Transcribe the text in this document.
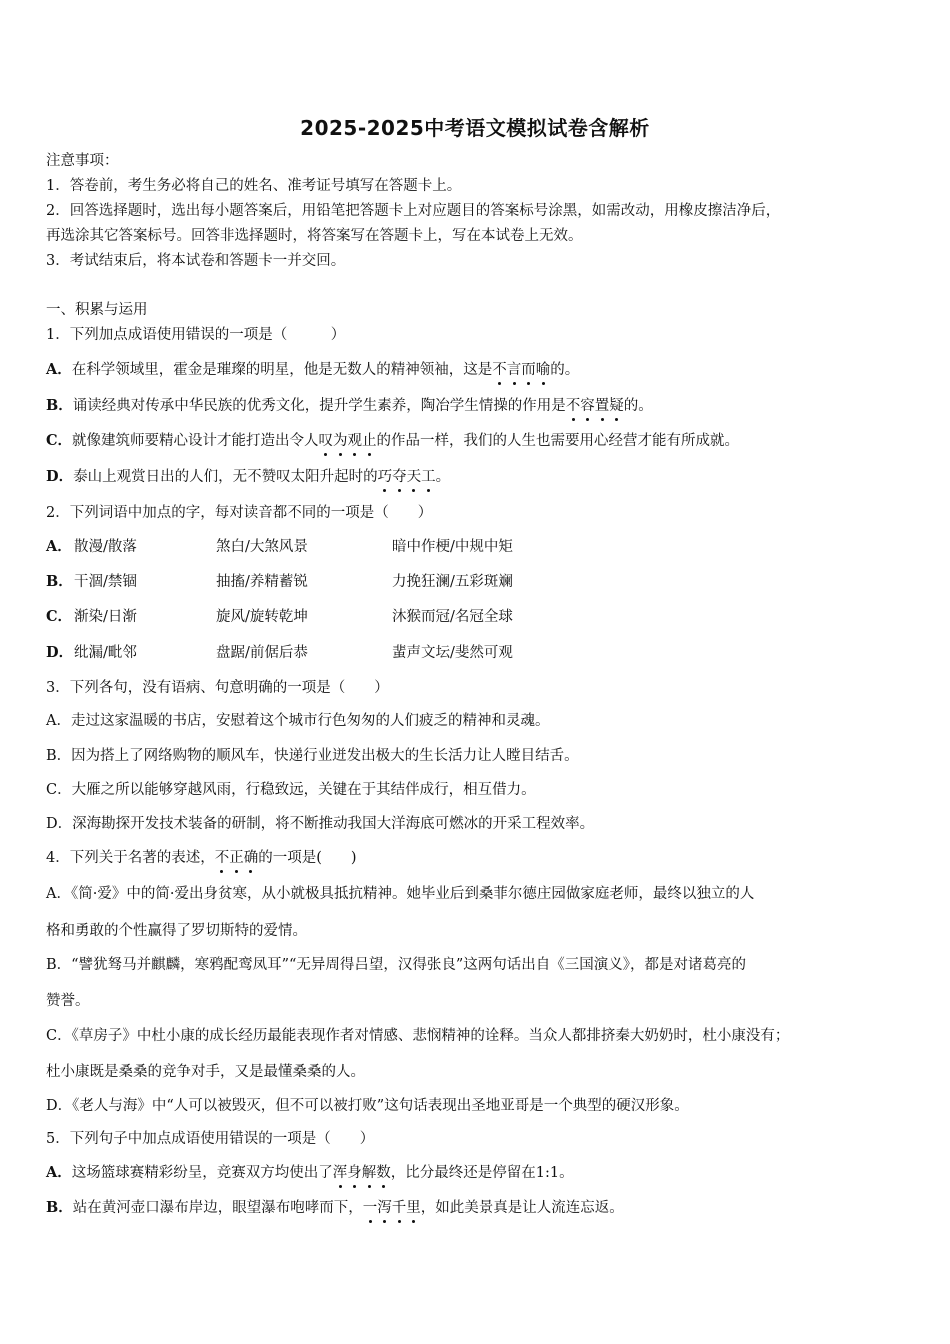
2025-2025中考语文模拟试卷含解析
注意事项：
1．答卷前，考生务必将自己的姓名、准考证号填写在答题卡上。
2．回答选择题时，选出每小题答案后，用铅笔把答题卡上对应题目的答案标号涂黑，如需改动，用橡皮擦洁净后，
再选涂其它答案标号。回答非选择题时，将答案写在答题卡上，写在本试卷上无效。
3．考试结束后，将本试卷和答题卡一并交回。
一、积累与运用
1．下列加点成语使用错误的一项是（　　　）
A．在科学领域里，霍金是璀璨的明星，他是无数人的精神领袖，这是不言而喻的。
B．诵读经典对传承中华民族的优秀文化，提升学生素养，陶冶学生情操的作用是不容置疑的。
C．就像建筑师要精心设计才能打造出令人叹为观止的作品一样，我们的人生也需要用心经营才能有所成就。
D．泰山上观赏日出的人们，无不赞叹太阳升起时的巧夺天工。
2．下列词语中加点的字，每对读音都不同的一项是（　　）
A． 散漫/散落	煞白/大煞风景	暗中作梗/中规中矩
B． 干涸/禁锢	抽搐/养精蓄锐	力挽狂澜/五彩斑斓
C． 渐染/日渐	旋风/旋转乾坤	沐猴而冠/名冠全球
D． 纰漏/毗邻	盘踞/前倨后恭	蜚声文坛/斐然可观
3．下列各句，没有语病、句意明确的一项是（　　）
A．走过这家温暖的书店，安慰着这个城市行色匆匆的人们疲乏的精神和灵魂。
B．因为搭上了网络购物的顺风车，快递行业迸发出极大的生长活力让人瞠目结舌。
C．大雁之所以能够穿越风雨，行稳致远，关键在于其结伴成行，相互借力。
D．深海勘探开发技术装备的研制，将不断推动我国大洋海底可燃冰的开采工程效率。
4．下列关于名著的表述，不正确的一项是(　　)
A．《简·爱》中的简·爱出身贫寒，从小就极具抵抗精神。她毕业后到桑菲尔德庄园做家庭老师，最终以独立的人
格和勇敢的个性赢得了罗切斯特的爱情。
B．“譬犹驽马并麒麟，寒鸦配鸾凤耳”“无异周得吕望，汉得张良”这两句话出自《三国演义》，都是对诸葛亮的
赞誉。
C．《草房子》中杜小康的成长经历最能表现作者对情感、悲悯精神的诠释。当众人都排挤秦大奶奶时，杜小康没有；
杜小康既是桑桑的竞争对手，又是最懂桑桑的人。
D．《老人与海》中“人可以被毁灭，但不可以被打败”这句话表现出圣地亚哥是一个典型的硬汉形象。
5．下列句子中加点成语使用错误的一项是（　　）
A．这场篮球赛精彩纷呈，竞赛双方均使出了浑身解数，比分最终还是停留在1:1。
B．站在黄河壶口瀑布岸边，眼望瀑布咆哮而下，一泻千里，如此美景真是让人流连忘返。
